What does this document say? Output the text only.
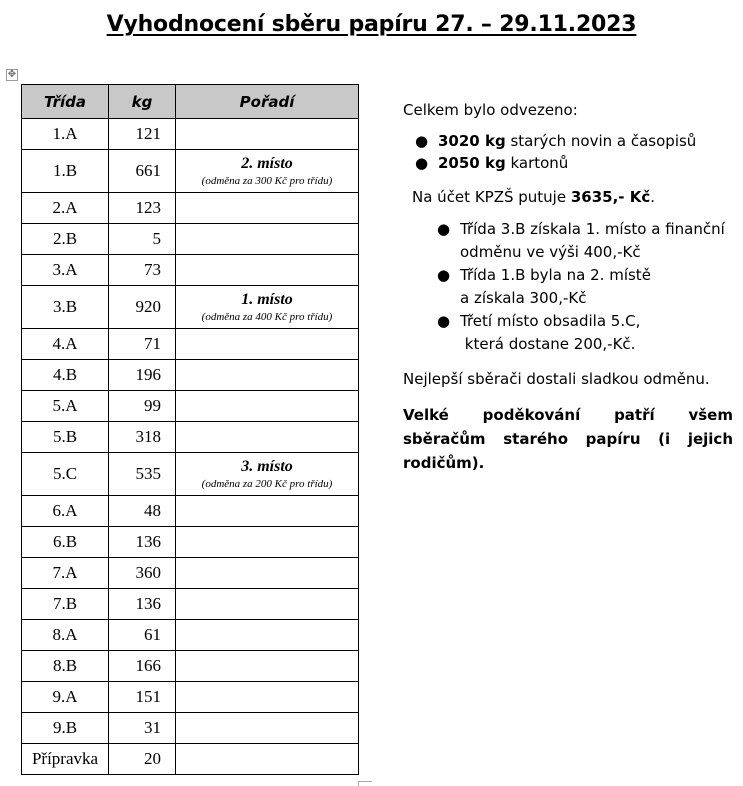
Vyhodnocení sběru papíru 27. – 29.11.2023
✥
Třída	kg	Pořadí
1.A	121	
1.B	661	2. místo
(odměna za 300 Kč pro třídu)

2.A	123	
2.B	5	
3.A	73	
3.B	920	1. místo
(odměna za 400 Kč pro třídu)

4.A	71	
4.B	196	
5.A	99	
5.B	318	
5.C	535	3. místo
(odměna za 200 Kč pro třídu)

6.A	48	
6.B	136	
7.A	360	
7.B	136	
8.A	61	
8.B	166	
9.A	151	
9.B	31	
Přípravka	20	

Celkem bylo odvezeno:

● 3020 kg starých novin a časopisů
● 2050 kg kartonů

Na účet KPZŠ putuje 3635,- Kč.

● Třída 3.B získala 1. místo a finanční
odměnu ve výši 400,-Kč
● Třída 1.B byla na 2. místě
a získala 300,-Kč
● Třetí místo obsadila 5.C,
která dostane 200,-Kč.

Nejlepší sběrači dostali sladkou odměnu.

Velké poděkování patří všem sběračům starého papíru (i jejich rodičům).
